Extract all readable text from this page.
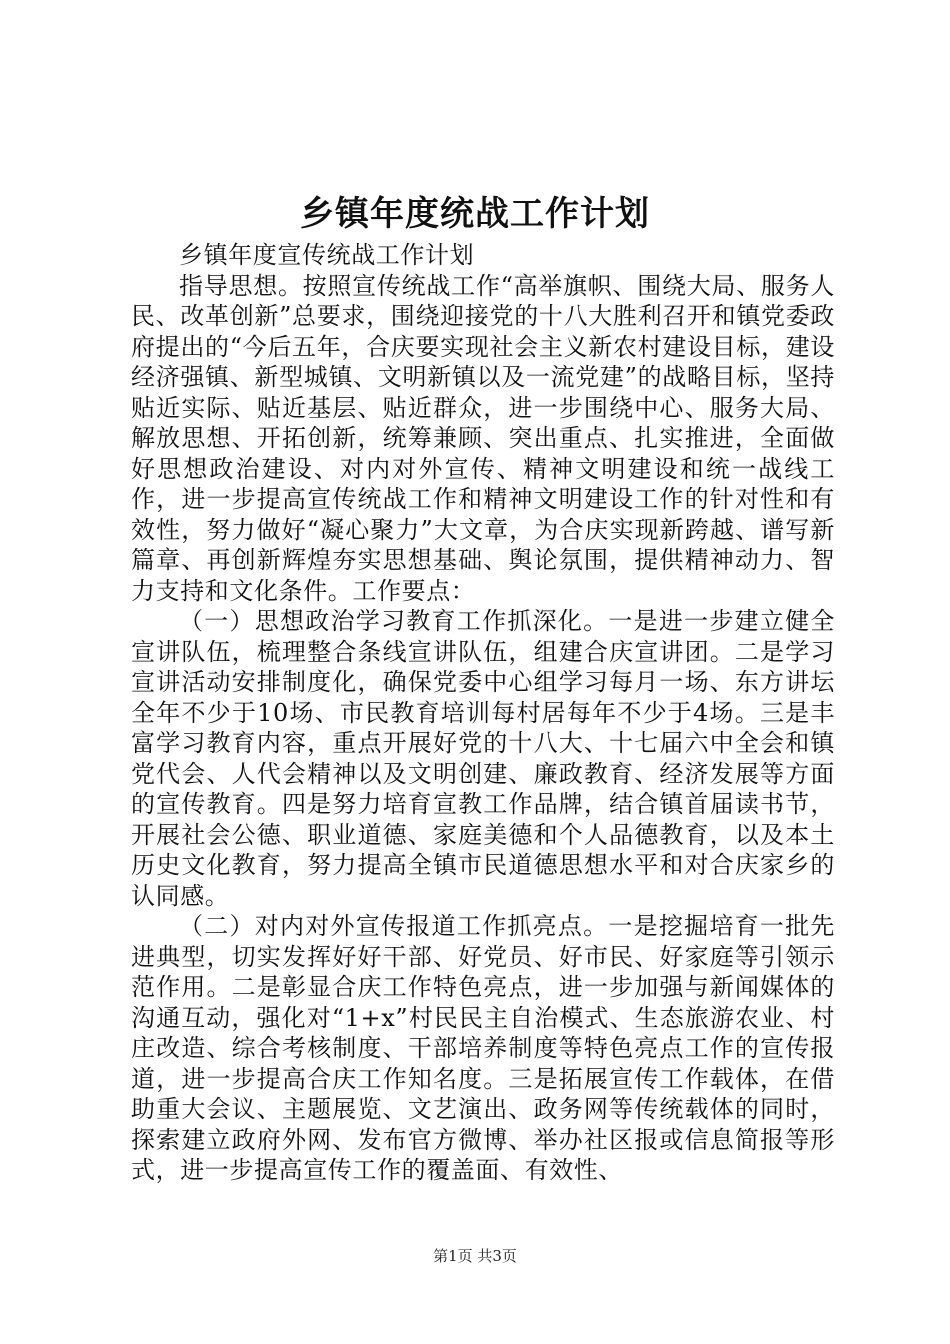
乡镇年度统战工作计划

乡镇年度宣传统战工作计划

指导思想。按照宣传统战工作“高举旗帜、围绕大局、服务人民、改革创新”总要求，围绕迎接党的十八大胜利召开和镇党委政府提出的“今后五年，合庆要实现社会主义新农村建设目标，建设经济强镇、新型城镇、文明新镇以及一流党建”的战略目标，坚持贴近实际、贴近基层、贴近群众，进一步围绕中心、服务大局、解放思想、开拓创新，统筹兼顾、突出重点、扎实推进，全面做好思想政治建设、对内对外宣传、精神文明建设和统一战线工作，进一步提高宣传统战工作和精神文明建设工作的针对性和有效性，努力做好“凝心聚力”大文章，为合庆实现新跨越、谱写新篇章、再创新辉煌夯实思想基础、舆论氛围，提供精神动力、智力支持和文化条件。工作要点：

（一）思想政治学习教育工作抓深化。一是进一步建立健全宣讲队伍，梳理整合条线宣讲队伍，组建合庆宣讲团。二是学习宣讲活动安排制度化，确保党委中心组学习每月一场、东方讲坛全年不少于10场、市民教育培训每村居每年不少于4场。三是丰富学习教育内容，重点开展好党的十八大、十七届六中全会和镇党代会、人代会精神以及文明创建、廉政教育、经济发展等方面的宣传教育。四是努力培育宣教工作品牌，结合镇首届读书节，开展社会公德、职业道德、家庭美德和个人品德教育，以及本土历史文化教育，努力提高全镇市民道德思想水平和对合庆家乡的认同感。

（二）对内对外宣传报道工作抓亮点。一是挖掘培育一批先进典型，切实发挥好好干部、好党员、好市民、好家庭等引领示范作用。二是彰显合庆工作特色亮点，进一步加强与新闻媒体的沟通互动，强化对“1+x”村民民主自治模式、生态旅游农业、村庄改造、综合考核制度、干部培养制度等特色亮点工作的宣传报道，进一步提高合庆工作知名度。三是拓展宣传工作载体，在借助重大会议、主题展览、文艺演出、政务网等传统载体的同时，探索建立政府外网、发布官方微博、举办社区报或信息简报等形式，进一步提高宣传工作的覆盖面、有效性、

第1页 共3页
